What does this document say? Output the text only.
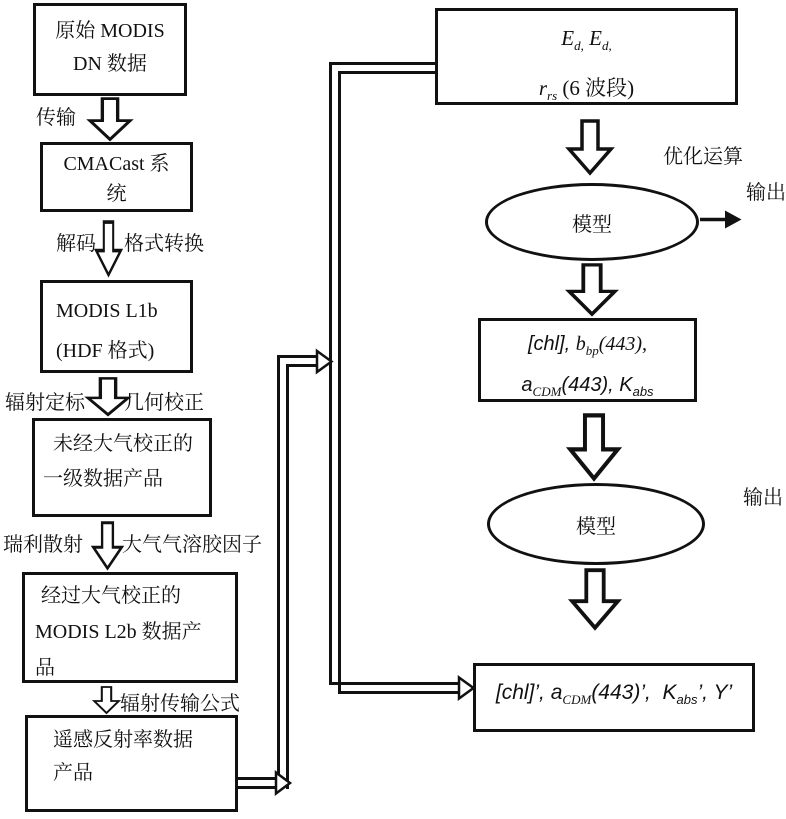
原始 MODIS
DN 数据
传输
CMACast 系
统
解码 格式转换
MODIS L1b
(HDF 格式)
辐射定标 几何校正
未经大气校正的
一级数据产品
瑞利散射 大气气溶胶因子
经过大气校正的
MODIS L2b 数据产
品
辐射传输公式
遥感反射率数据
产品
$E_{d,}$ $E_{d,}$
$r_{rs}$ (6 波段)
优化运算
模型
输出
[chl], $b_{bp}(443)$,
$a_{CDM}(443)$, $K_{abs}$
模型
输出
[chl]’, $a_{CDM}(443)$’,  $K_{abs}$’, Y’
